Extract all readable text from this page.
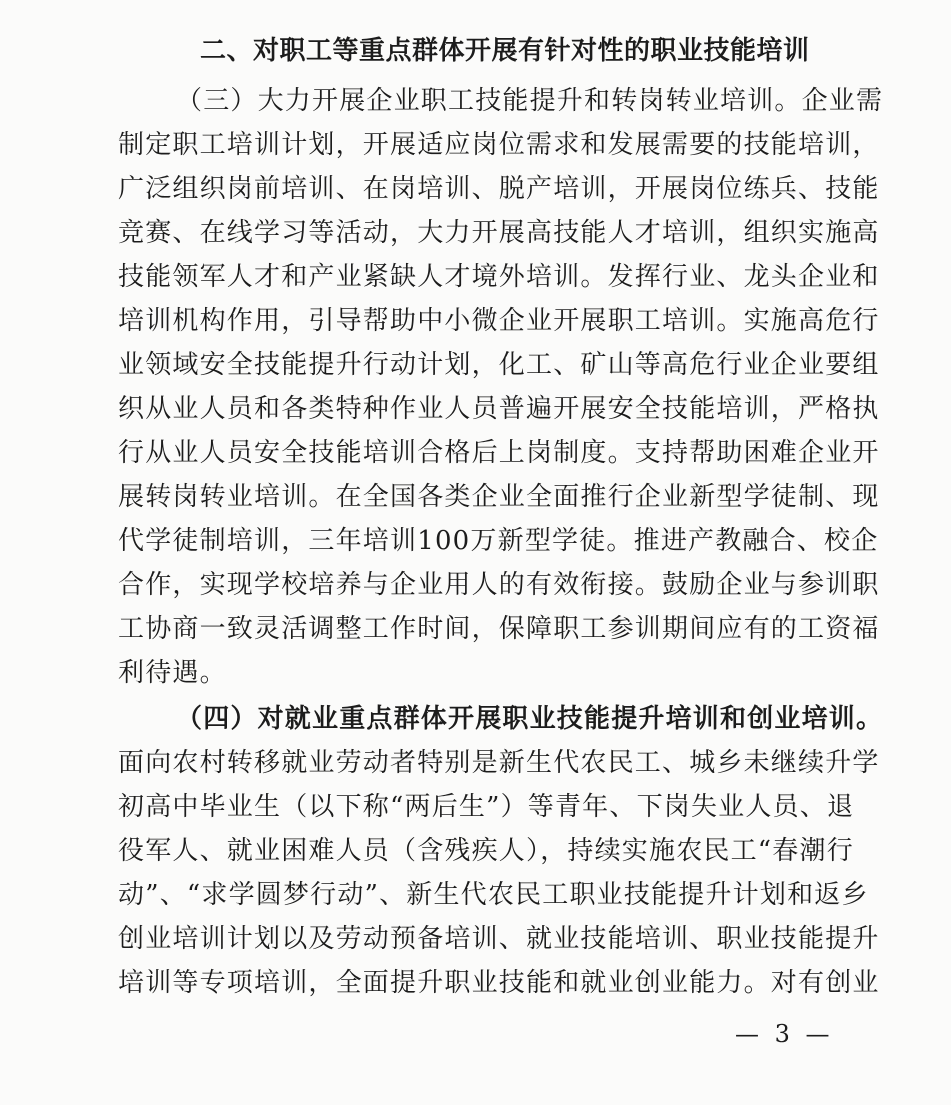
二、对职工等重点群体开展有针对性的职业技能培训
（三）大力开展企业职工技能提升和转岗转业培训。企业需
制定职工培训计划，开展适应岗位需求和发展需要的技能培训，
广泛组织岗前培训、在岗培训、脱产培训，开展岗位练兵、技能
竞赛、在线学习等活动，大力开展高技能人才培训，组织实施高
技能领军人才和产业紧缺人才境外培训。发挥行业、龙头企业和
培训机构作用，引导帮助中小微企业开展职工培训。实施高危行
业领域安全技能提升行动计划，化工、矿山等高危行业企业要组
织从业人员和各类特种作业人员普遍开展安全技能培训，严格执
行从业人员安全技能培训合格后上岗制度。支持帮助困难企业开
展转岗转业培训。在全国各类企业全面推行企业新型学徒制、现
代学徒制培训，三年培训100万新型学徒。推进产教融合、校企
合作，实现学校培养与企业用人的有效衔接。鼓励企业与参训职
工协商一致灵活调整工作时间，保障职工参训期间应有的工资福
利待遇。
（四）对就业重点群体开展职业技能提升培训和创业培训。
面向农村转移就业劳动者特别是新生代农民工、城乡未继续升学
初高中毕业生（以下称“两后生”）等青年、下岗失业人员、退
役军人、就业困难人员（含残疾人），持续实施农民工“春潮行
动”、“求学圆梦行动”、新生代农民工职业技能提升计划和返乡
创业培训计划以及劳动预备培训、就业技能培训、职业技能提升
培训等专项培训，全面提升职业技能和就业创业能力。对有创业
— 3 —
